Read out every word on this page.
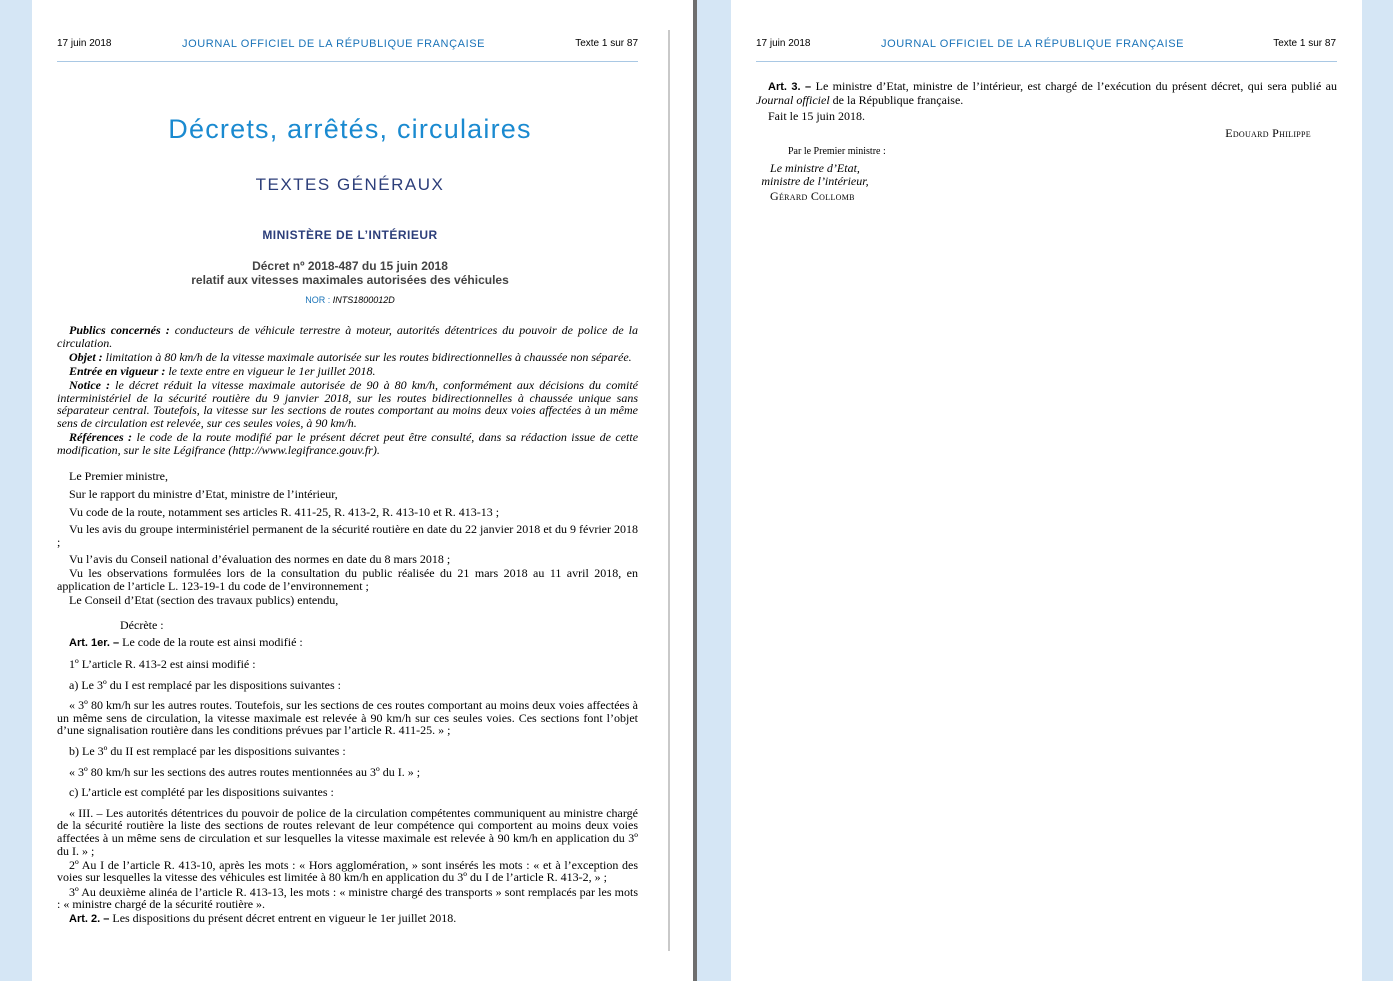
17 juin 2018	JOURNAL OFFICIEL DE LA RÉPUBLIQUE FRANÇAISE	Texte 1 sur 87
Décrets, arrêtés, circulaires
TEXTES GÉNÉRAUX
MINISTÈRE DE L’INTÉRIEUR
Décret nº 2018-487 du 15 juin 2018
relatif aux vitesses maximales autorisées des véhicules
NOR : INTS1800012D

Publics concernés : conducteurs de véhicule terrestre à moteur, autorités détentrices du pouvoir de police de la circulation.

Objet : limitation à 80 km/h de la vitesse maximale autorisée sur les routes bidirectionnelles à chaussée non séparée.

Entrée en vigueur : le texte entre en vigueur le 1er juillet 2018.

Notice : le décret réduit la vitesse maximale autorisée de 90 à 80 km/h, conformément aux décisions du comité interministériel de la sécurité routière du 9 janvier 2018, sur les routes bidirectionnelles à chaussée unique sans séparateur central. Toutefois, la vitesse sur les sections de routes comportant au moins deux voies affectées à un même sens de circulation est relevée, sur ces seules voies, à 90 km/h.

Références : le code de la route modifié par le présent décret peut être consulté, dans sa rédaction issue de cette modification, sur le site Légifrance (http://www.legifrance.gouv.fr).

Le Premier ministre,

Sur le rapport du ministre d’Etat, ministre de l’intérieur,

Vu code de la route, notamment ses articles R. 411-25, R. 413-2, R. 413-10 et R. 413-13 ;

Vu les avis du groupe interministériel permanent de la sécurité routière en date du 22 janvier 2018 et du 9 février 2018 ;

Vu l’avis du Conseil national d’évaluation des normes en date du 8 mars 2018 ;

Vu les observations formulées lors de la consultation du public réalisée du 21 mars 2018 au 11 avril 2018, en application de l’article L. 123-19-1 du code de l’environnement ;

Le Conseil d’Etat (section des travaux publics) entendu,

Décrète :

Art. 1er. – Le code de la route est ainsi modifié :

1º L’article R. 413-2 est ainsi modifié :

a) Le 3º du I est remplacé par les dispositions suivantes :

« 3º 80 km/h sur les autres routes. Toutefois, sur les sections de ces routes comportant au moins deux voies affectées à un même sens de circulation, la vitesse maximale est relevée à 90 km/h sur ces seules voies. Ces sections font l’objet d’une signalisation routière dans les conditions prévues par l’article R. 411-25. » ;

b) Le 3º du II est remplacé par les dispositions suivantes :

« 3º 80 km/h sur les sections des autres routes mentionnées au 3º du I. » ;

c) L’article est complété par les dispositions suivantes :

« III. – Les autorités détentrices du pouvoir de police de la circulation compétentes communiquent au ministre chargé de la sécurité routière la liste des sections de routes relevant de leur compétence qui comportent au moins deux voies affectées à un même sens de circulation et sur lesquelles la vitesse maximale est relevée à 90 km/h en application du 3º du I. » ;

2º Au I de l’article R. 413-10, après les mots : « Hors agglomération, » sont insérés les mots : « et à l’exception des voies sur lesquelles la vitesse des véhicules est limitée à 80 km/h en application du 3º du I de l’article R. 413-2, » ;

3º Au deuxième alinéa de l’article R. 413-13, les mots : « ministre chargé des transports » sont remplacés par les mots : « ministre chargé de la sécurité routière ».

Art. 2. – Les dispositions du présent décret entrent en vigueur le 1er juillet 2018.

17 juin 2018	JOURNAL OFFICIEL DE LA RÉPUBLIQUE FRANÇAISE	Texte 1 sur 87

Art. 3. – Le ministre d’Etat, ministre de l’intérieur, est chargé de l’exécution du présent décret, qui sera publié au Journal officiel de la République française.

Fait le 15 juin 2018.

Edouard Philippe
Par le Premier ministre :
Le ministre d’Etat,
ministre de l’intérieur,
Gérard Collomb
